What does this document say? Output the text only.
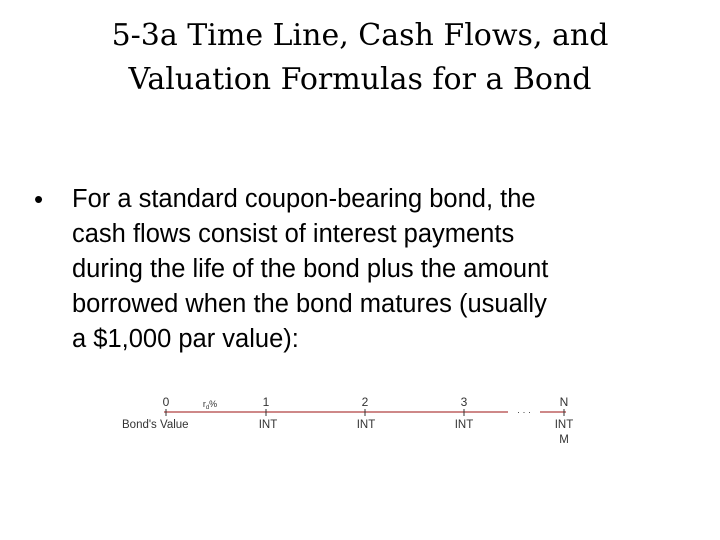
5-3a Time Line, Cash Flows, and
Valuation Formulas for a Bond
• For a standard coupon-bearing bond, the
cash flows consist of interest payments
during the life of the bond plus the amount
borrowed when the bond matures (usually
a $1,000 par value):
0	1	2	3	N
$r_d\%$
· · ·
Bond's Value	INT	INT	INT	INT
M
